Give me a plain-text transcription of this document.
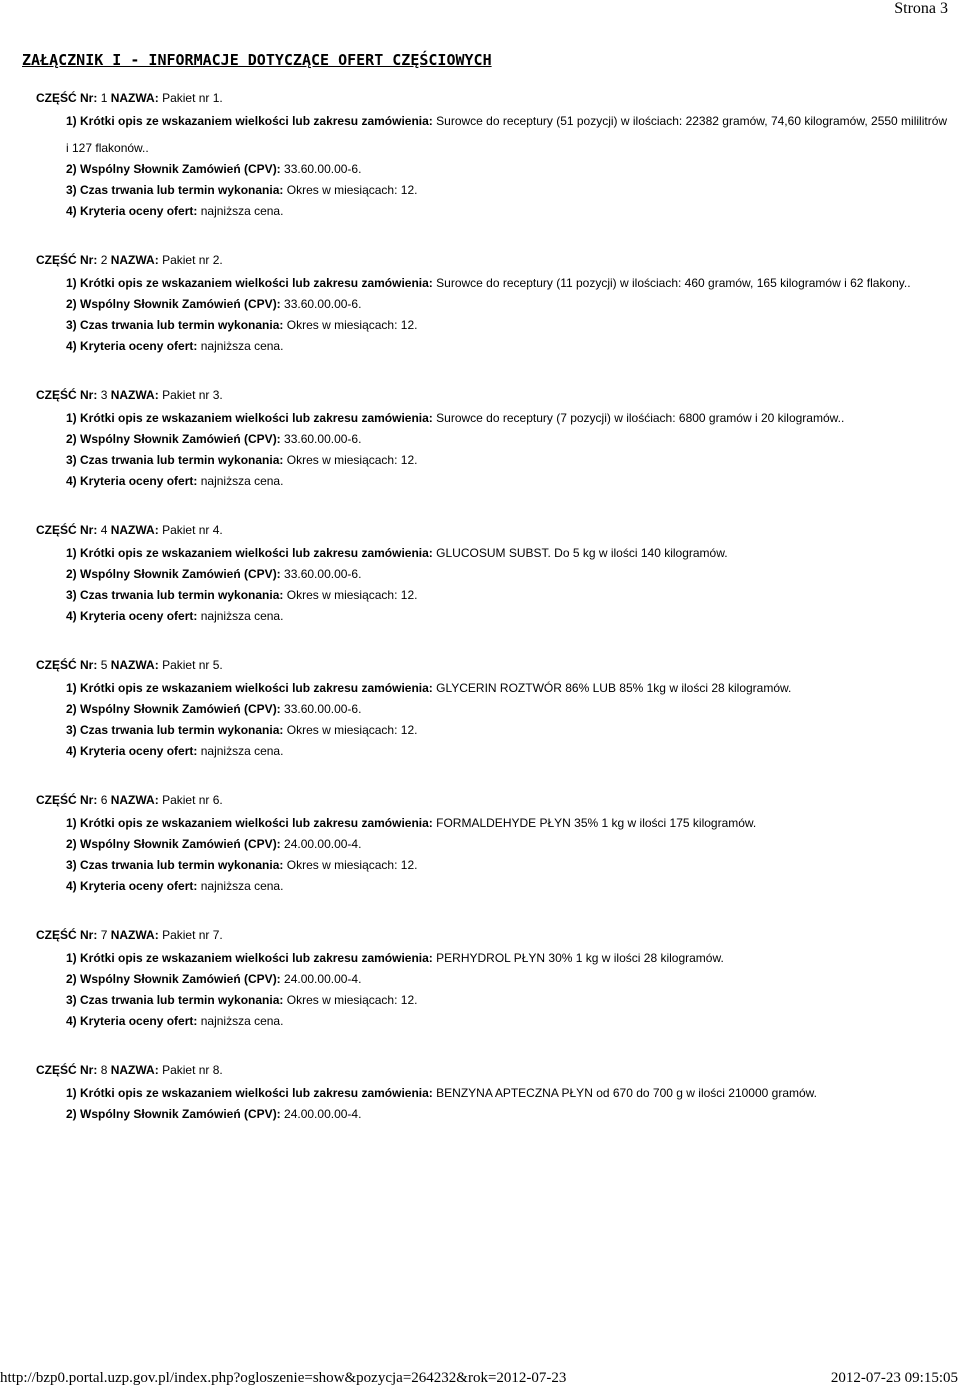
Strona 3
ZAŁĄCZNIK I - INFORMACJE DOTYCZĄCE OFERT CZĘŚCIOWYCH
CZĘŚĆ Nr: 1 NAZWA: Pakiet nr 1.
1) Krótki opis ze wskazaniem wielkości lub zakresu zamówienia: Surowce do receptury (51 pozycji) w ilościach: 22382 gramów, 74,60 kilogramów, 2550 mililitrów i 127 flakonów..
2) Wspólny Słownik Zamówień (CPV): 33.60.00.00-6.
3) Czas trwania lub termin wykonania: Okres w miesiącach: 12.
4) Kryteria oceny ofert: najniższa cena.
CZĘŚĆ Nr: 2 NAZWA: Pakiet nr 2.
1) Krótki opis ze wskazaniem wielkości lub zakresu zamówienia: Surowce do receptury (11 pozycji) w ilościach: 460 gramów, 165 kilogramów i 62 flakony..
2) Wspólny Słownik Zamówień (CPV): 33.60.00.00-6.
3) Czas trwania lub termin wykonania: Okres w miesiącach: 12.
4) Kryteria oceny ofert: najniższa cena.
CZĘŚĆ Nr: 3 NAZWA: Pakiet nr 3.
1) Krótki opis ze wskazaniem wielkości lub zakresu zamówienia: Surowce do receptury (7 pozycji) w ilośćiach: 6800 gramów i 20 kilogramów..
2) Wspólny Słownik Zamówień (CPV): 33.60.00.00-6.
3) Czas trwania lub termin wykonania: Okres w miesiącach: 12.
4) Kryteria oceny ofert: najniższa cena.
CZĘŚĆ Nr: 4 NAZWA: Pakiet nr 4.
1) Krótki opis ze wskazaniem wielkości lub zakresu zamówienia: GLUCOSUM SUBST. Do 5 kg w ilości 140 kilogramów.
2) Wspólny Słownik Zamówień (CPV): 33.60.00.00-6.
3) Czas trwania lub termin wykonania: Okres w miesiącach: 12.
4) Kryteria oceny ofert: najniższa cena.
CZĘŚĆ Nr: 5 NAZWA: Pakiet nr 5.
1) Krótki opis ze wskazaniem wielkości lub zakresu zamówienia: GLYCERIN ROZTWÓR 86% LUB 85% 1kg w ilości 28 kilogramów.
2) Wspólny Słownik Zamówień (CPV): 33.60.00.00-6.
3) Czas trwania lub termin wykonania: Okres w miesiącach: 12.
4) Kryteria oceny ofert: najniższa cena.
CZĘŚĆ Nr: 6 NAZWA: Pakiet nr 6.
1) Krótki opis ze wskazaniem wielkości lub zakresu zamówienia: FORMALDEHYDE PŁYN 35% 1 kg w ilości 175 kilogramów.
2) Wspólny Słownik Zamówień (CPV): 24.00.00.00-4.
3) Czas trwania lub termin wykonania: Okres w miesiącach: 12.
4) Kryteria oceny ofert: najniższa cena.
CZĘŚĆ Nr: 7 NAZWA: Pakiet nr 7.
1) Krótki opis ze wskazaniem wielkości lub zakresu zamówienia: PERHYDROL PŁYN 30% 1 kg w ilości 28 kilogramów.
2) Wspólny Słownik Zamówień (CPV): 24.00.00.00-4.
3) Czas trwania lub termin wykonania: Okres w miesiącach: 12.
4) Kryteria oceny ofert: najniższa cena.
CZĘŚĆ Nr: 8 NAZWA: Pakiet nr 8.
1) Krótki opis ze wskazaniem wielkości lub zakresu zamówienia: BENZYNA APTECZNA PŁYN od 670 do 700 g w ilości 210000 gramów.
2) Wspólny Słownik Zamówień (CPV): 24.00.00.00-4.
http://bzp0.portal.uzp.gov.pl/index.php?ogloszenie=show&pozycja=264232&rok=2012-07-23	2012-07-23 09:15:05
